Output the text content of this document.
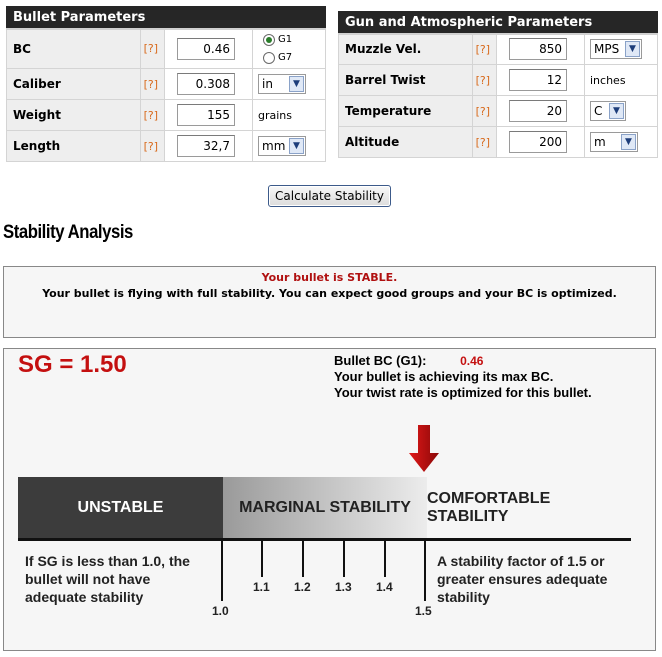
Bullet Parameters			
BC	[?]	0.46	G1
G7

Caliber	[?]	0.308	in ▼

Weight	[?]	155	grains
Length	[?]	32,7	mm ▼
Gun and Atmospheric Parameters			
Muzzle Vel.	[?]	850	MPS ▼

Barrel Twist	[?]	12	inches
Temperature	[?]	20	C ▼

Altitude	[?]	200	m ▼
Calculate Stability
Stability Analysis
Your bullet is STABLE.
Your bullet is flying with full stability. You can expect good groups and your BC is optimized.
SG = 1.50	Bullet BC (G1):	0.46
Your bullet is achieving its max BC.
Your twist rate is optimized for this bullet.
UNSTABLE	MARGINAL STABILITY
COMFORTABLE STABILITY
1.0
1.1 1.2 1.3 1.4
1.5
If SG is less than 1.0, the
bullet will not have
adequate stability
A stability factor of 1.5 or
greater ensures adequate
stability
